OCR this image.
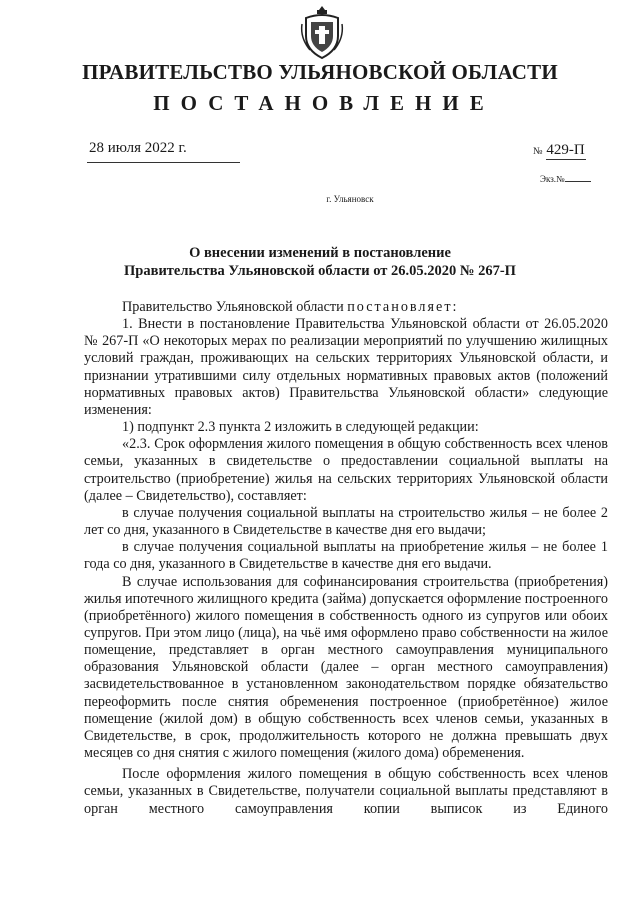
ПРАВИТЕЛЬСТВО УЛЬЯНОВСКОЙ ОБЛАСТИ
ПОСТАНОВЛЕНИЕ
28 июля 2022 г.	№ 429-П
Экз.№
г. Ульяновск
О внесении изменений в постановление
Правительства Ульяновской области от 26.05.2020 № 267-П

Правительство Ульяновской области постановляет:

1. Внести в постановление Правительства Ульяновской области от 26.05.2020 № 267-П «О некоторых мерах по реализации мероприятий по улучшению жилищных условий граждан, проживающих на сельских территориях Ульяновской области, и признании утратившими силу отдельных нормативных правовых актов (положений нормативных правовых актов) Правительства Ульяновской области» следующие изменения:

1) подпункт 2.3 пункта 2 изложить в следующей редакции:

«2.3. Срок оформления жилого помещения в общую собственность всех членов семьи, указанных в свидетельстве о предоставлении социальной выплаты на строительство (приобретение) жилья на сельских территориях Ульяновской области (далее – Свидетельство), составляет:

в случае получения социальной выплаты на строительство жилья – не более 2 лет со дня, указанного в Свидетельстве в качестве дня его выдачи;

в случае получения социальной выплаты на приобретение жилья – не более 1 года со дня, указанного в Свидетельстве в качестве дня его выдачи.

В случае использования для софинансирования строительства (приобретения) жилья ипотечного жилищного кредита (займа) допускается оформление построенного (приобретённого) жилого помещения в собственность одного из супругов или обоих супругов. При этом лицо (лица), на чьё имя оформлено право собственности на жилое помещение, представляет в орган местного самоуправления муниципального образования Ульяновской области (далее – орган местного самоуправления) засвидетельствованное в установленном законодательством порядке обязательство переоформить после снятия обременения построенное (приобретённое) жилое помещение (жилой дом) в общую собственность всех членов семьи, указанных в Свидетельстве, в срок, продолжительность которого не должна превышать двух месяцев со дня снятия с жилого помещения (жилого дома) обременения.

После оформления жилого помещения в общую собственность всех членов семьи, указанных в Свидетельстве, получатели социальной выплаты представляют в орган местного самоуправления копии выписок из Единого
